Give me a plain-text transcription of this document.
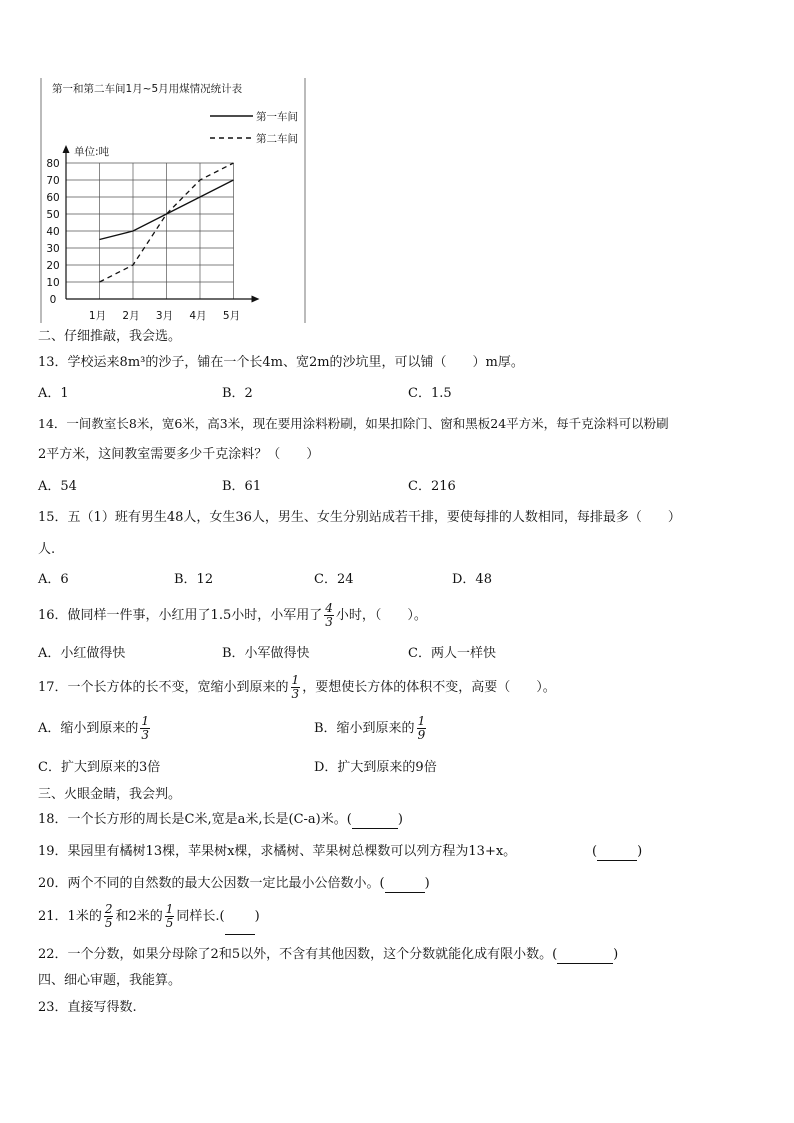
第一和第二车间1月~5月用煤情况统计表
第一车间
第二车间
单位:吨
0
10
20
30
40
50
60
70
80
1月 2月 3月 4月 5月
二、仔细推敲，我会选。
13．学校运来8m³的沙子，铺在一个长4m、宽2m的沙坑里，可以铺（　　）m厚。
A．1	B．2	C．1.5
14．一间教室长8米，宽6米，高3米，现在要用涂料粉刷，如果扣除门、窗和黑板24平方米，每千克涂料可以粉刷
2平方米，这间教室需要多少千克涂料？（　　）
A．54	B．61	C．216
15．五（1）班有男生48人，女生36人，男生、女生分别站成若干排，要使每排的人数相同，每排最多（　　）
人.
A．6	B．12	C．24	D．48
16．做同样一件事，小红用了1.5小时，小军用了 $\frac{4}{3}$ 小时，（　　）。
A．小红做得快	B．小军做得快	C．两人一样快
17．一个长方体的长不变，宽缩小到原来的 $\frac{1}{3}$ ，要想使长方体的体积不变，高要（　　）。
A．缩小到原来的 $\frac{1}{3}$	B．缩小到原来的 $\frac{1}{9}$
C．扩大到原来的3倍	D．扩大到原来的9倍
三、火眼金睛，我会判。
18．一个长方形的周长是C米,宽是a米,长是(C-a)米。(	)
19．果园里有橘树13棵，苹果树x棵，求橘树、苹果树总棵数可以列方程为13+x。	(	)
20．两个不同的自然数的最大公因数一定比最小公倍数小。(	)
21．1米的 $\frac{2}{5}$ 和2米的 $\frac{1}{5}$ 同样长.( )
22．一个分数，如果分母除了2和5以外，不含有其他因数，这个分数就能化成有限小数。(	)
四、细心审题，我能算。
23．直接写得数.
